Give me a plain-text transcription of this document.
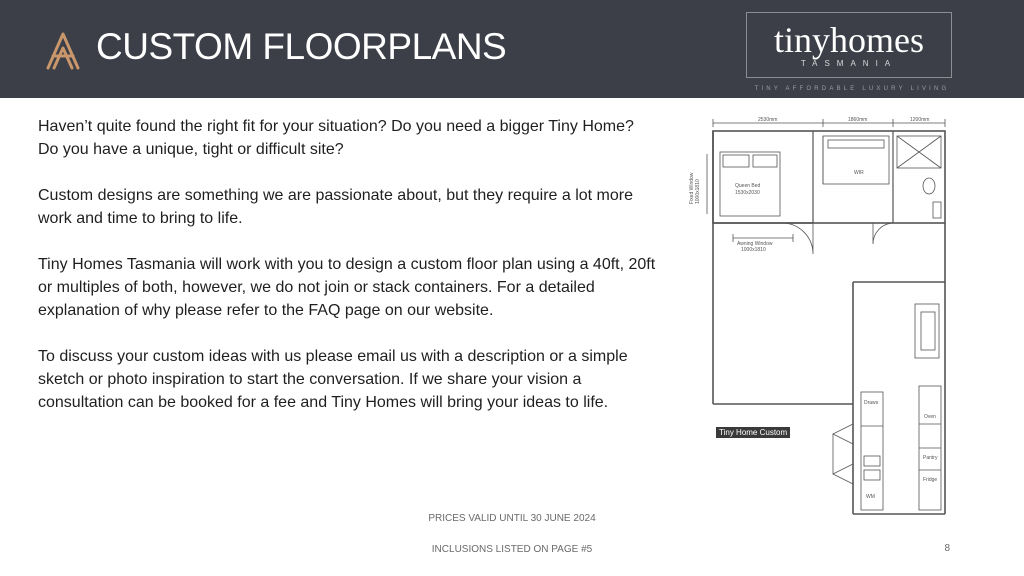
CUSTOM FLOORPLANS	tinyhomes
TASMANIA
TINY AFFORDABLE LUXURY LIVING

Haven’t quite found the right fit for your situation? Do you need a bigger Tiny Home? Do you have a unique, tight or difficult site?

Custom designs are something we are passionate about, but they require a lot more work and time to bring to life.

Tiny Homes Tasmania will work with you to design a custom floor plan using a 40ft, 20ft or multiples of both, however, we do not join or stack containers. For a detailed explanation of why please refer to the FAQ page on our website.

To discuss your custom ideas with us please email us with a description or a simple sketch or photo inspiration to start the conversation. If we share your vision a consultation can be booked for a fee and Tiny Homes will bring your ideas to life.

2530mm	1860mm	1200mm
Fixed Window 1000x1810	Queen Bed
1530x2030
WIR
Awning Window
1000x1810
Draws
Oven
Pantry
Fridge
WM
Tiny Home Custom
PRICES VALID UNTIL 30 JUNE 2024
INCLUSIONS LISTED ON PAGE #5	8
